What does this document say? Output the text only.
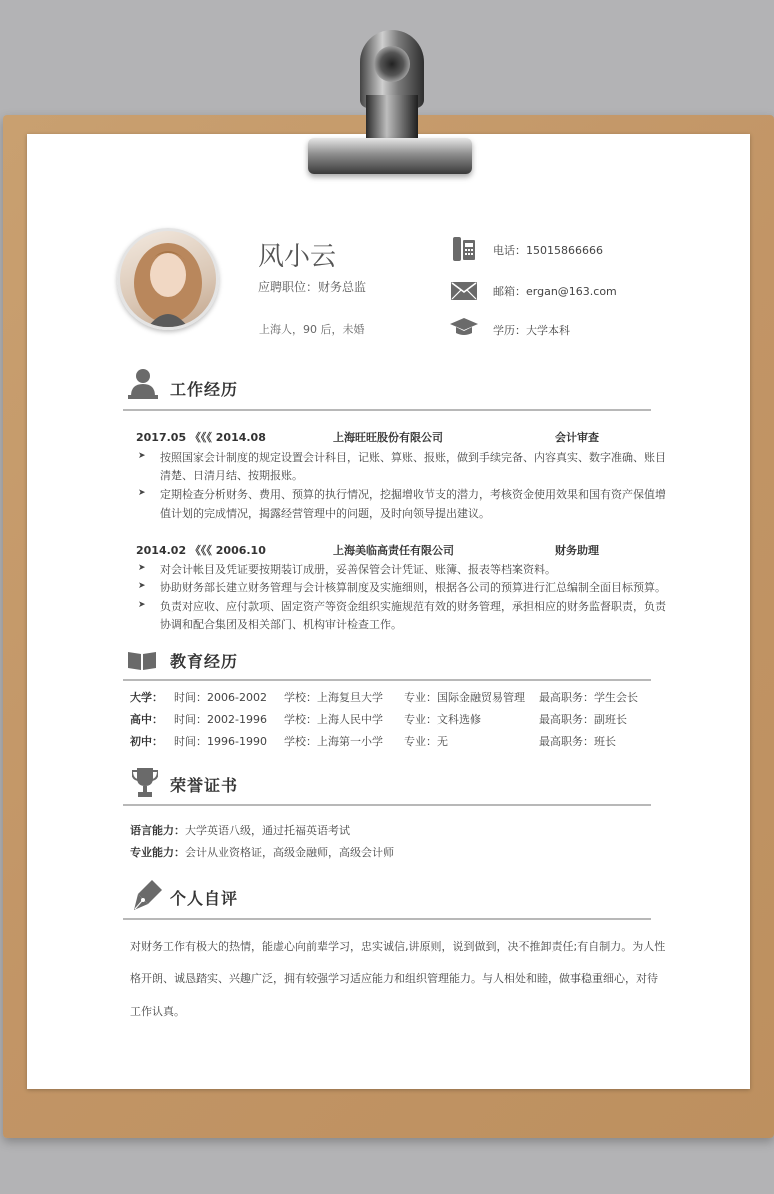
风小云
应聘职位：财务总监
上海人，90 后，未婚
电话：15015866666
邮箱：ergan@163.com
学历：大学本科
工作经历
2017.05 《《《 2014.08	上海旺旺股份有限公司	会计审查
➤ 按照国家会计制度的规定设置会计科目，记账、算账、报账，做到手续完备、内容真实、数字准确、账目
清楚、日清月结、按期报账。
➤ 定期检查分析财务、费用、预算的执行情况，挖掘增收节支的潜力，考核资金使用效果和国有资产保值增
值计划的完成情况，揭露经营管理中的问题，及时向领导提出建议。
2014.02 《《《 2006.10	上海美临高责任有限公司	财务助理
➤ 对会计帐目及凭证要按期装订成册，妥善保管会计凭证、账簿、报表等档案资料。
➤ 协助财务部长建立财务管理与会计核算制度及实施细则，根据各公司的预算进行汇总编制全面目标预算。
➤ 负责对应收、应付款项、固定资产等资金组织实施规范有效的财务管理，承担相应的财务监督职责，负责
协调和配合集团及相关部门、机构审计检查工作。
教育经历
大学： 时间：2006-2002 学校：上海复旦大学 专业：国际金融贸易管理 最高职务：学生会长
高中： 时间：2002-1996 学校：上海人民中学 专业：文科选修	最高职务：副班长
初中： 时间：1996-1990 学校：上海第一小学 专业：无	最高职务：班长
荣誉证书
语言能力：大学英语八级，通过托福英语考试
专业能力：会计从业资格证，高级金融师，高级会计师
个人自评
对财务工作有极大的热情，能虚心向前辈学习，忠实诚信,讲原则，说到做到，决不推卸责任;有自制力。为人性
格开朗、诚恳踏实、兴趣广泛，拥有较强学习适应能力和组织管理能力。与人相处和睦，做事稳重细心，对待
工作认真。
